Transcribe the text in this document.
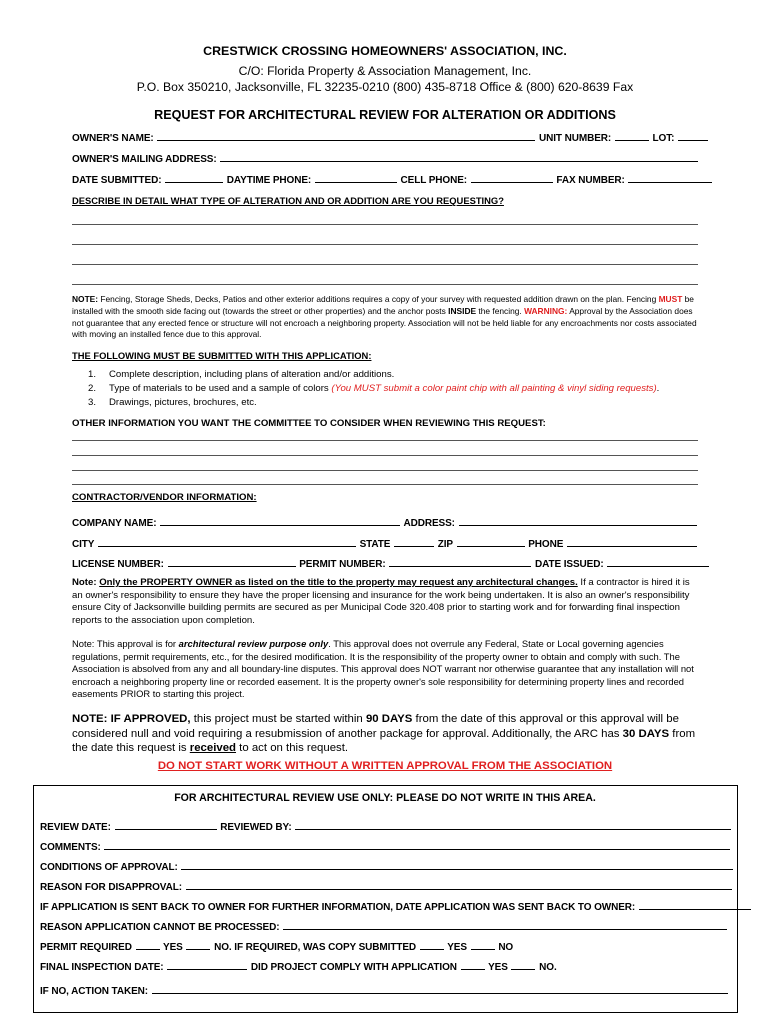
CRESTWICK CROSSING HOMEOWNERS' ASSOCIATION, INC.
C/O: Florida Property & Association Management, Inc.
P.O. Box 350210, Jacksonville, FL 32235-0210 (800) 435-8718 Office & (800) 620-8639 Fax
REQUEST FOR ARCHITECTURAL REVIEW FOR ALTERATION OR ADDITIONS
OWNER'S NAME:	UNIT NUMBER:	LOT:
OWNER'S MAILING ADDRESS:
DATE SUBMITTED:	DAYTIME PHONE:	CELL PHONE:	FAX NUMBER:
DESCRIBE IN DETAIL WHAT TYPE OF ALTERATION AND OR ADDITION ARE YOU REQUESTING?
NOTE: Fencing, Storage Sheds, Decks, Patios and other exterior additions requires a copy of your survey with requested addition drawn on the plan. Fencing MUST be installed with the smooth side facing out (towards the street or other properties) and the anchor posts INSIDE the fencing. WARNING: Approval by the Association does not guarantee that any erected fence or structure will not encroach a neighboring property. Association will not be held liable for any encroachments nor costs associated with moving an installed fence due to this approval.
THE FOLLOWING MUST BE SUBMITTED WITH THIS APPLICATION:
1. Complete description, including plans of alteration and/or additions.
2. Type of materials to be used and a sample of colors (You MUST submit a color paint chip with all painting & vinyl siding requests).
3. Drawings, pictures, brochures, etc.
OTHER INFORMATION YOU WANT THE COMMITTEE TO CONSIDER WHEN REVIEWING THIS REQUEST:
CONTRACTOR/VENDOR INFORMATION:
COMPANY NAME:	ADDRESS:
CITY	STATE	ZIP	PHONE
LICENSE NUMBER:	PERMIT NUMBER:	DATE ISSUED:
Note: Only the PROPERTY OWNER as listed on the title to the property may request any architectural changes. If a contractor is hired it is an owner's responsibility to ensure they have the proper licensing and insurance for the work being undertaken. It is also an owner's responsibility ensure City of Jacksonville building permits are secured as per Municipal Code 320.408 prior to starting work and for forwarding final inspection reports to the association upon completion.
Note: This approval is for architectural review purpose only. This approval does not overrule any Federal, State or Local governing agencies regulations, permit requirements, etc., for the desired modification. It is the responsibility of the property owner to obtain and comply with such. The Association is absolved from any and all boundary-line disputes. This approval does NOT warrant nor otherwise guarantee that any installation will not encroach a neighboring property line or recorded easement. It is the property owner's sole responsibility for determining property lines and recorded easements PRIOR to starting this project.
NOTE: IF APPROVED, this project must be started within 90 DAYS from the date of this approval or this approval will be considered null and void requiring a resubmission of another package for approval. Additionally, the ARC has 30 DAYS from the date this request is received to act on this request.
DO NOT START WORK WITHOUT A WRITTEN APPROVAL FROM THE ASSOCIATION
FOR ARCHITECTURAL REVIEW USE ONLY: PLEASE DO NOT WRITE IN THIS AREA.
REVIEW DATE:	REVIEWED BY:
COMMENTS:
CONDITIONS OF APPROVAL:
REASON FOR DISAPPROVAL:
IF APPLICATION IS SENT BACK TO OWNER FOR FURTHER INFORMATION, DATE APPLICATION WAS SENT BACK TO OWNER:
REASON APPLICATION CANNOT BE PROCESSED:
PERMIT REQUIRED	YES	NO. IF REQUIRED, WAS COPY SUBMITTED	YES	NO
FINAL INSPECTION DATE:	DID PROJECT COMPLY WITH APPLICATION	YES	NO.
IF NO, ACTION TAKEN:
